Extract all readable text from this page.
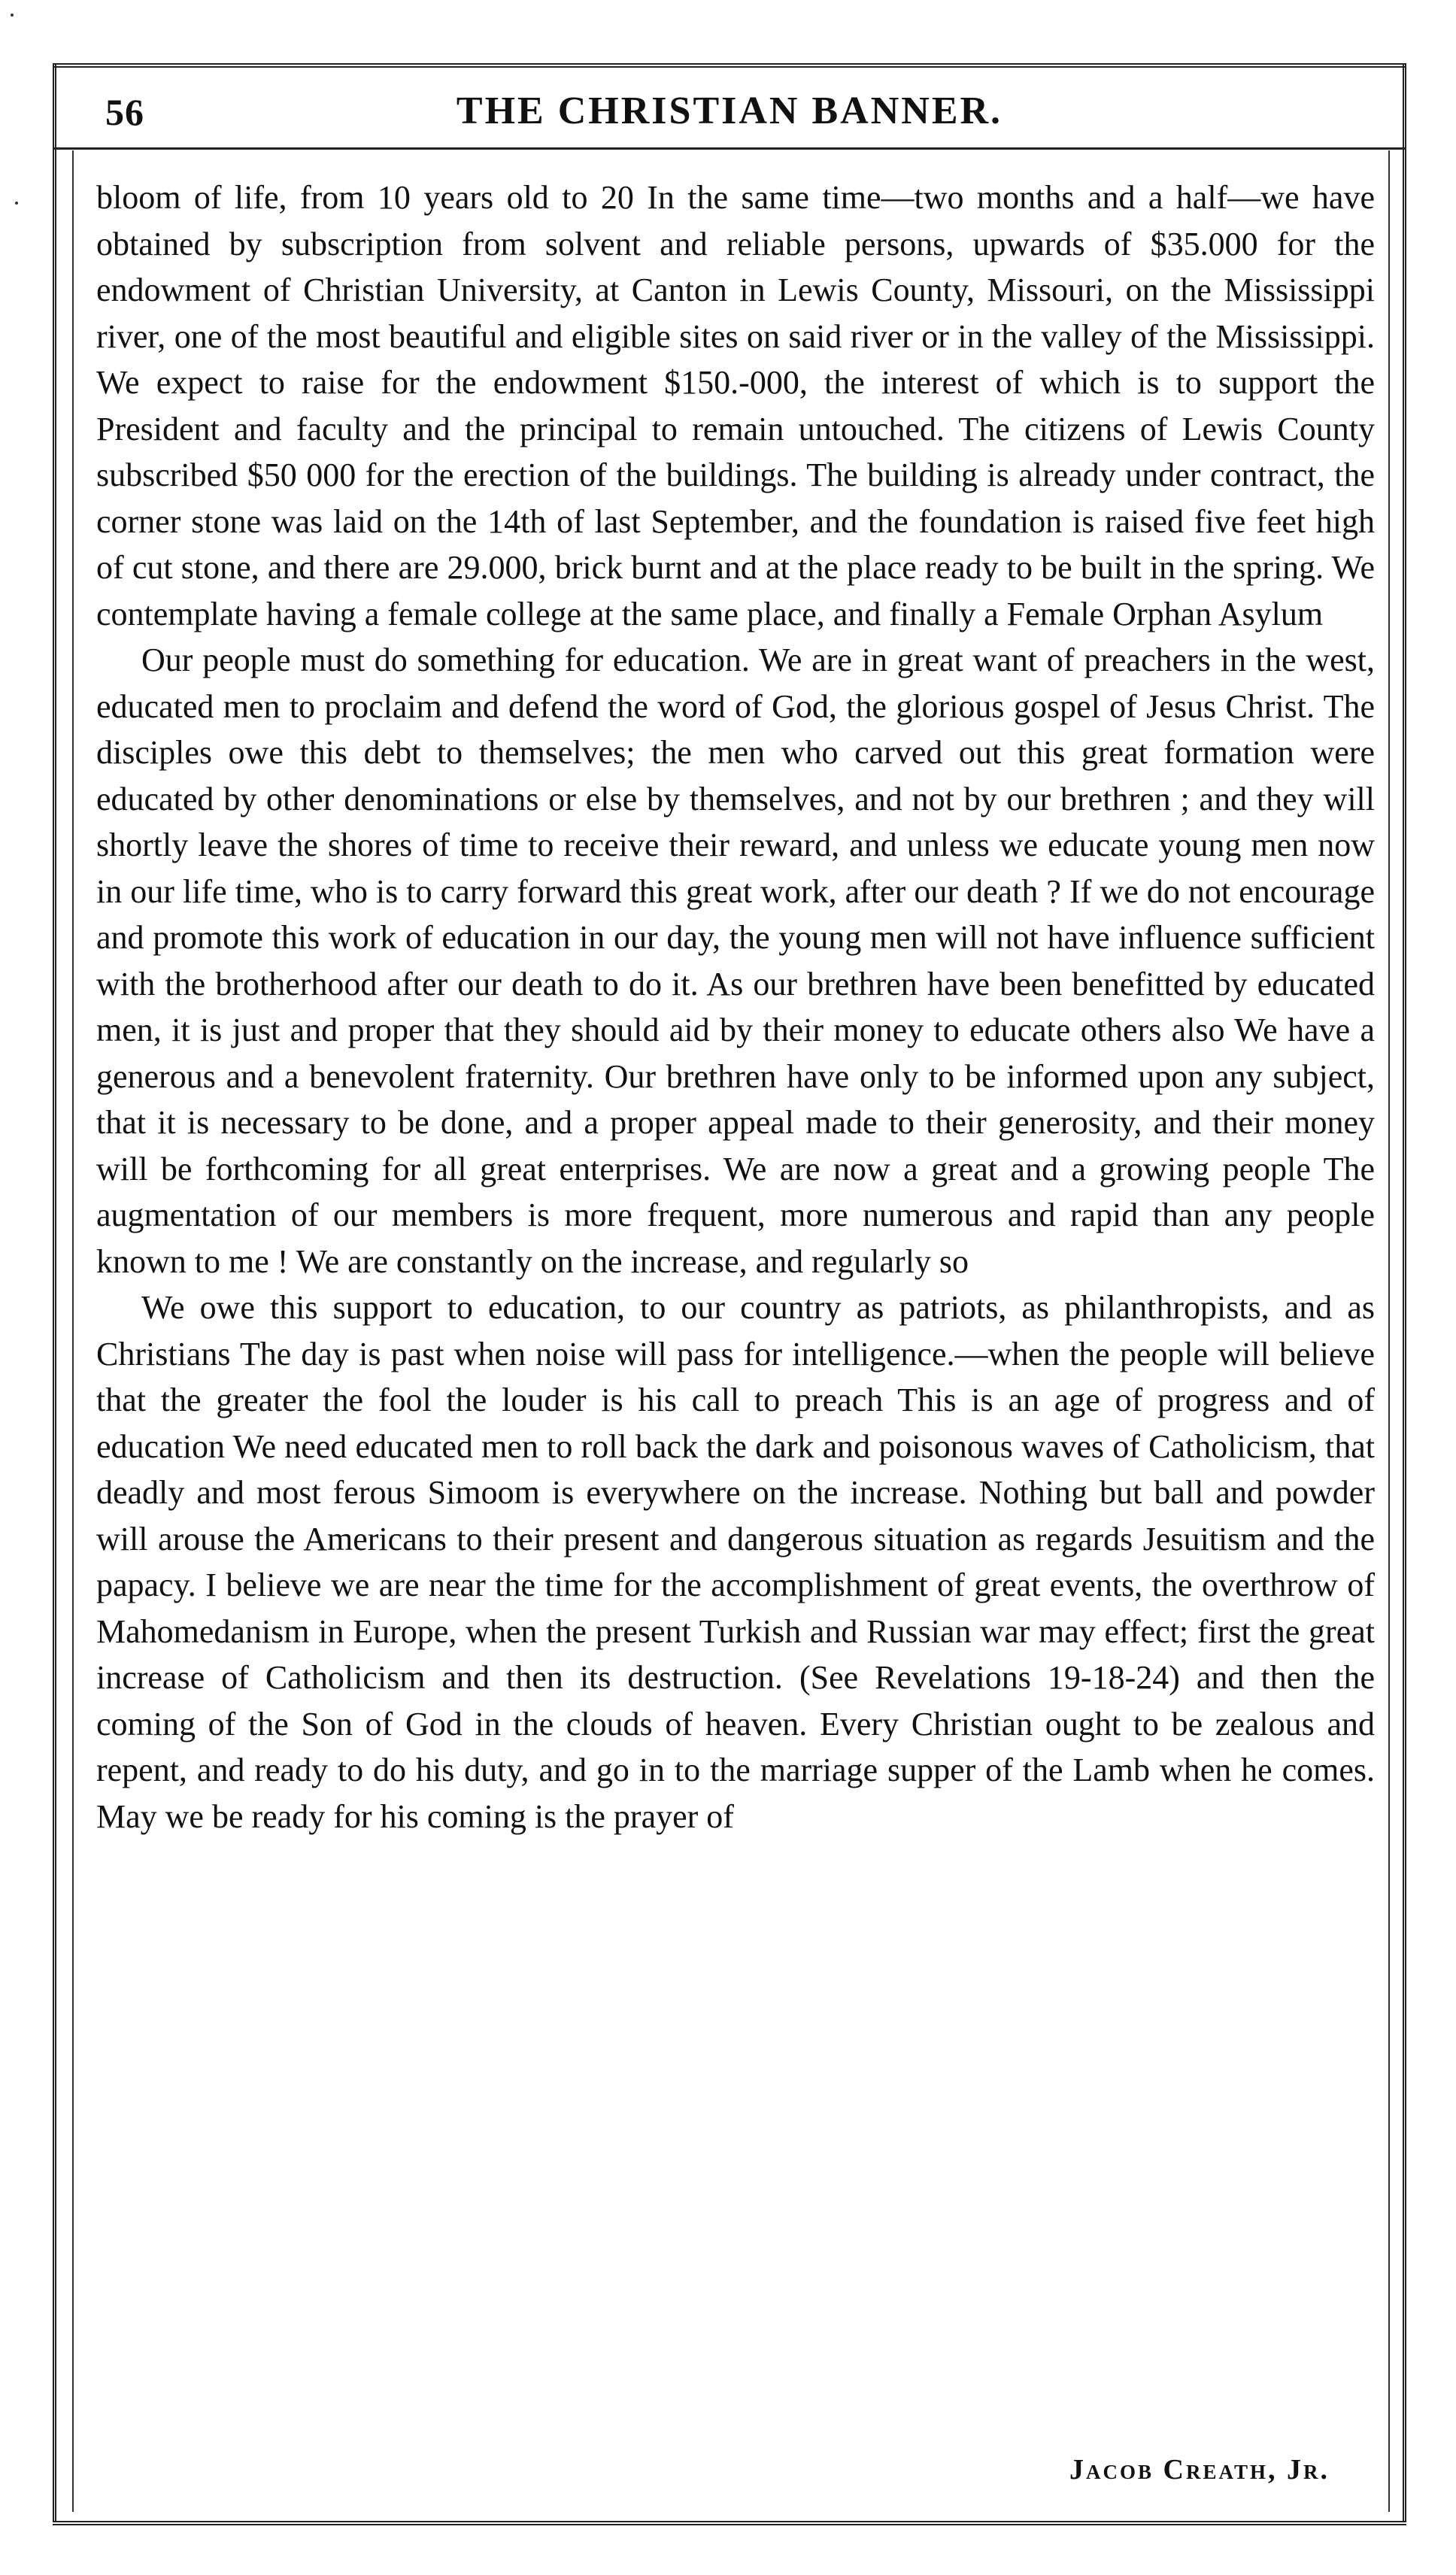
56	THE CHRISTIAN BANNER.

bloom of life, from 10 years old to 20 In the same time—two months and a half—we have obtained by subscription from solvent and reliable persons, upwards of $35.000 for the endowment of Christian University, at Canton in Lewis County, Missouri, on the Mississippi river, one of the most beautiful and eligible sites on said river or in the valley of the Mississippi. We expect to raise for the endowment $150.-000, the interest of which is to support the President and faculty and the principal to remain untouched. The citizens of Lewis County subscribed $50 000 for the erection of the buildings. The building is already under contract, the corner stone was laid on the 14th of last September, and the foundation is raised five feet high of cut stone, and there are 29.000, brick burnt and at the place ready to be built in the spring. We contemplate having a female college at the same place, and finally a Female Orphan Asylum

Our people must do something for education. We are in great want of preachers in the west, educated men to proclaim and defend the word of God, the glorious gospel of Jesus Christ. The disciples owe this debt to themselves; the men who carved out this great formation were educated by other denominations or else by themselves, and not by our brethren ; and they will shortly leave the shores of time to receive their reward, and unless we educate young men now in our life time, who is to carry forward this great work, after our death ? If we do not encourage and promote this work of education in our day, the young men will not have influence sufficient with the brotherhood after our death to do it. As our brethren have been benefitted by educated men, it is just and proper that they should aid by their money to educate others also We have a generous and a benevolent fraternity. Our brethren have only to be informed upon any subject, that it is necessary to be done, and a proper appeal made to their generosity, and their money will be forthcoming for all great enterprises. We are now a great and a growing people The augmentation of our members is more frequent, more numerous and rapid than any people known to me ! We are constantly on the increase, and regularly so

We owe this support to education, to our country as patriots, as philanthropists, and as Christians The day is past when noise will pass for intelligence.—when the people will believe that the greater the fool the louder is his call to preach This is an age of progress and of education We need educated men to roll back the dark and poisonous waves of Catholicism, that deadly and most ferous Simoom is everywhere on the increase. Nothing but ball and powder will arouse the Americans to their present and dangerous situation as regards Jesuitism and the papacy. I believe we are near the time for the accomplishment of great events, the overthrow of Mahomedanism in Europe, when the present Turkish and Russian war may effect; first the great increase of Catholicism and then its destruction. (See Revelations 19-18-24) and then the coming of the Son of God in the clouds of heaven. Every Christian ought to be zealous and repent, and ready to do his duty, and go in to the marriage supper of the Lamb when he comes. May we be ready for his coming is the prayer of

Jacob Creath, Jr.
